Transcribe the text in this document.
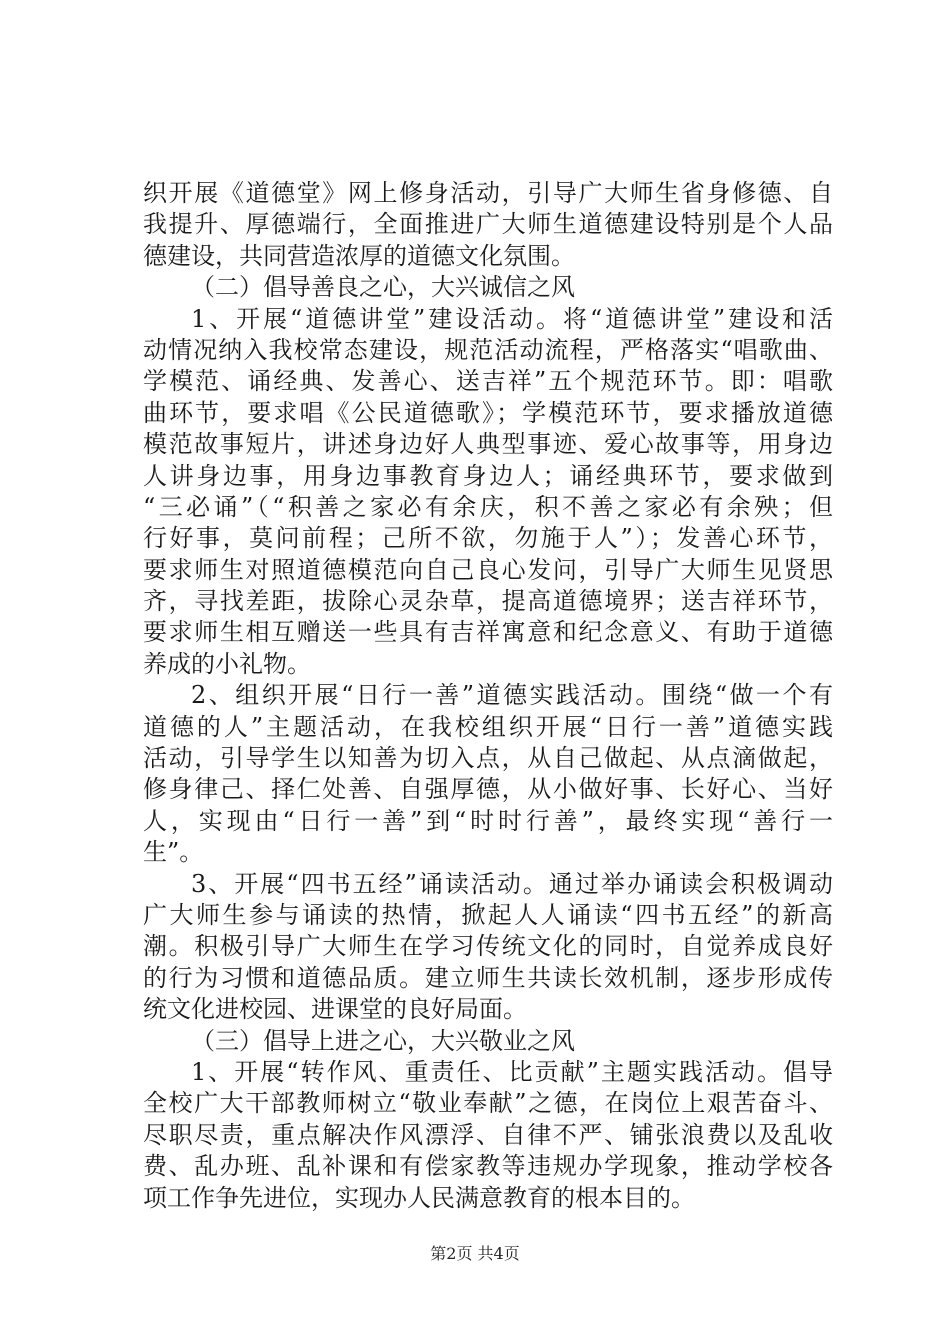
织开展《道德堂》网上修身活动，引导广大师生省身修德、自
我提升、厚德端行，全面推进广大师生道德建设特别是个人品
德建设，共同营造浓厚的道德文化氛围。
（二）倡导善良之心，大兴诚信之风
1、开展“道德讲堂”建设活动。将“道德讲堂”建设和活
动情况纳入我校常态建设，规范活动流程，严格落实“唱歌曲、
学模范、诵经典、发善心、送吉祥”五个规范环节。即：唱歌
曲环节，要求唱《公民道德歌》；学模范环节，要求播放道德
模范故事短片，讲述身边好人典型事迹、爱心故事等，用身边
人讲身边事，用身边事教育身边人；诵经典环节，要求做到
“三必诵”（“积善之家必有余庆，积不善之家必有余殃；但
行好事，莫问前程；己所不欲，勿施于人”）；发善心环节，
要求师生对照道德模范向自己良心发问，引导广大师生见贤思
齐，寻找差距，拔除心灵杂草，提高道德境界；送吉祥环节，
要求师生相互赠送一些具有吉祥寓意和纪念意义、有助于道德
养成的小礼物。
2、组织开展“日行一善”道德实践活动。围绕“做一个有
道德的人”主题活动，在我校组织开展“日行一善”道德实践
活动，引导学生以知善为切入点，从自己做起、从点滴做起，
修身律己、择仁处善、自强厚德，从小做好事、长好心、当好
人，实现由“日行一善”到“时时行善”，最终实现“善行一
生”。
3、开展“四书五经”诵读活动。通过举办诵读会积极调动
广大师生参与诵读的热情，掀起人人诵读“四书五经”的新高
潮。积极引导广大师生在学习传统文化的同时，自觉养成良好
的行为习惯和道德品质。建立师生共读长效机制，逐步形成传
统文化进校园、进课堂的良好局面。
（三）倡导上进之心，大兴敬业之风
1、开展“转作风、重责任、比贡献”主题实践活动。倡导
全校广大干部教师树立“敬业奉献”之德，在岗位上艰苦奋斗、
尽职尽责，重点解决作风漂浮、自律不严、铺张浪费以及乱收
费、乱办班、乱补课和有偿家教等违规办学现象，推动学校各
项工作争先进位，实现办人民满意教育的根本目的。
第2页 共4页
